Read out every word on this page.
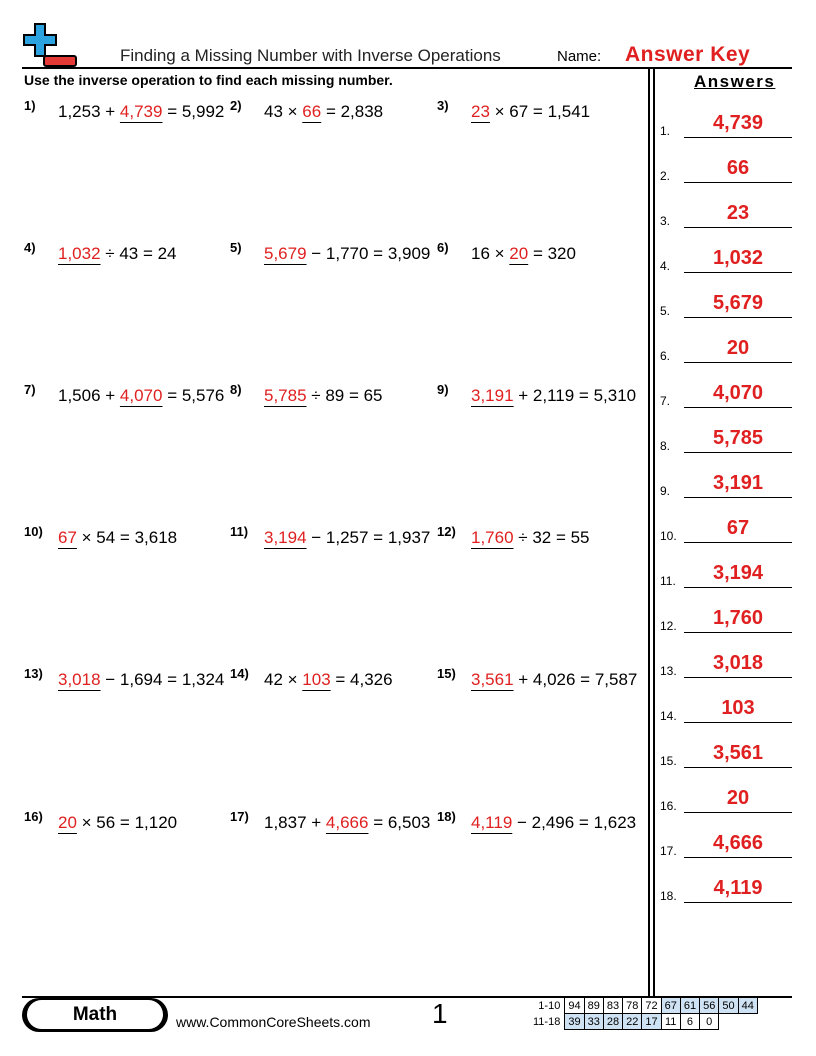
Finding a Missing Number with Inverse Operations	Name: Answer Key
Use the inverse operation to find each missing number.	Answers
1) 1,253 + 4,739 = 5,992 2) 43 × 66 = 2,838	3) 23 × 67 = 1,541
4) 1,032 ÷ 43 = 24	5) 5,679 − 1,770 = 3,909 6) 16 × 20 = 320
7) 1,506 + 4,070 = 5,576 8) 5,785 ÷ 89 = 65	9) 3,191 + 2,119 = 5,310
10) 67 × 54 = 3,618	11) 3,194 − 1,257 = 1,937 12) 1,760 ÷ 32 = 55
13) 3,018 − 1,694 = 1,324 14) 42 × 103 = 4,326	15) 3,561 + 4,026 = 7,587
16) 20 × 56 = 1,120	17) 1,837 + 4,666 = 6,503 18) 4,119 − 2,496 = 1,623
1.	4,739
2.	66
3.	23
4.	1,032
5.	5,679
6.	20
7.	4,070
8.	5,785
9.	3,191
10.	67
11.	3,194
12.	1,760
13.	3,018
14.	103
15.	3,561
16.	20
17.	4,666
18.	4,119
Math	www.CommonCoreSheets.com 1	1-10	94	89	83	78	72	67	61	56	50	44
11-18	39	33	28	22	17	11	6	0		
